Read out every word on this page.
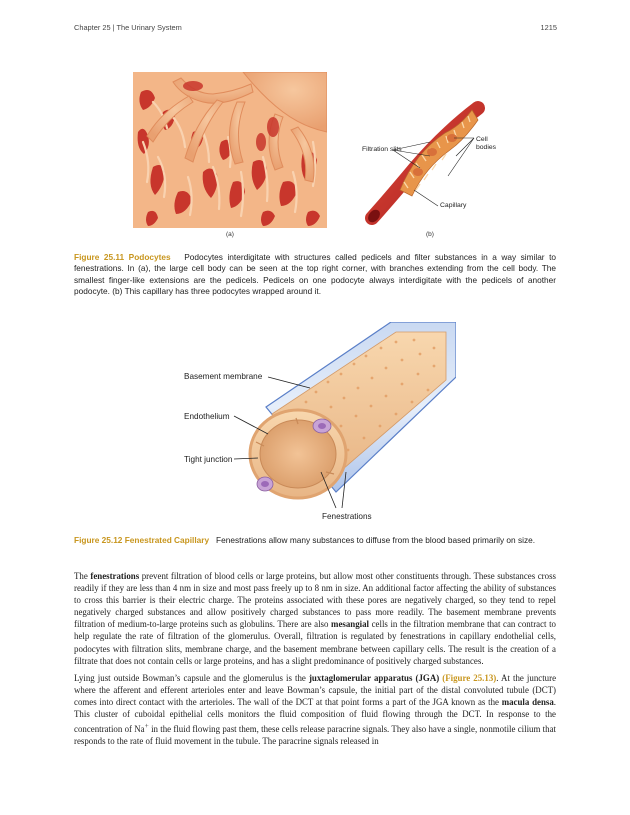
Chapter 25 | The Urinary System	1215
(a)
Filtration slits
Cell bodies
Capillary
(b)
Figure 25.11 Podocytes Podocytes interdigitate with structures called pedicels and filter substances in a way similar to fenestrations. In (a), the large cell body can be seen at the top right corner, with branches extending from the cell body. The smallest finger-like extensions are the pedicels. Pedicels on one podocyte always interdigitate with the pedicels of another podocyte. (b) This capillary has three podocytes wrapped around it.
Basement membrane
Endothelium
Tight junction
Fenestrations
Figure 25.12 Fenestrated Capillary Fenestrations allow many substances to diffuse from the blood based primarily on size.

The fenestrations prevent filtration of blood cells or large proteins, but allow most other constituents through. These substances cross readily if they are less than 4 nm in size and most pass freely up to 8 nm in size. An additional factor affecting the ability of substances to cross this barrier is their electric charge. The proteins associated with these pores are negatively charged, so they tend to repel negatively charged substances and allow positively charged substances to pass more readily. The basement membrane prevents filtration of medium-to-large proteins such as globulins. There are also mesangial cells in the filtration membrane that can contract to help regulate the rate of filtration of the glomerulus. Overall, filtration is regulated by fenestrations in capillary endothelial cells, podocytes with filtration slits, membrane charge, and the basement membrane between capillary cells. The result is the creation of a filtrate that does not contain cells or large proteins, and has a slight predominance of positively charged substances.

Lying just outside Bowman’s capsule and the glomerulus is the juxtaglomerular apparatus (JGA) (Figure 25.13). At the juncture where the afferent and efferent arterioles enter and leave Bowman’s capsule, the initial part of the distal convoluted tubule (DCT) comes into direct contact with the arterioles. The wall of the DCT at that point forms a part of the JGA known as the macula densa. This cluster of cuboidal epithelial cells monitors the fluid composition of fluid flowing through the DCT. In response to the concentration of Na+ in the fluid flowing past them, these cells release paracrine signals. They also have a single, nonmotile cilium that responds to the rate of fluid movement in the tubule. The paracrine signals released in
